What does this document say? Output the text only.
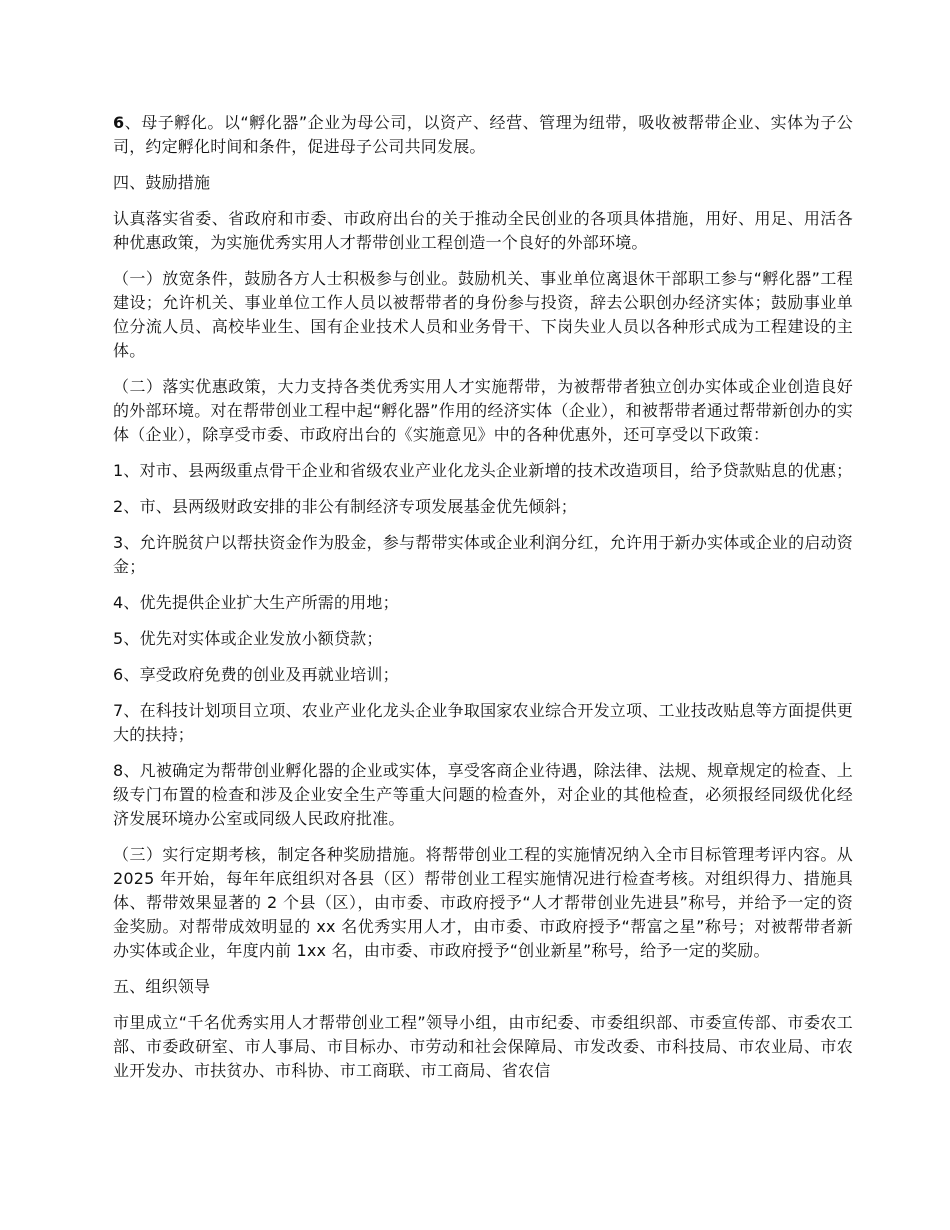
6、母子孵化。以“孵化器”企业为母公司，以资产、经营、管理为纽带，吸收被帮带企业、实体为子公司，约定孵化时间和条件，促进母子公司共同发展。

四、鼓励措施

认真落实省委、省政府和市委、市政府出台的关于推动全民创业的各项具体措施，用好、用足、用活各种优惠政策，为实施优秀实用人才帮带创业工程创造一个良好的外部环境。

（一）放宽条件，鼓励各方人士积极参与创业。鼓励机关、事业单位离退休干部职工参与“孵化器”工程建设；允许机关、事业单位工作人员以被帮带者的身份参与投资，辞去公职创办经济实体；鼓励事业单位分流人员、高校毕业生、国有企业技术人员和业务骨干、下岗失业人员以各种形式成为工程建设的主体。

（二）落实优惠政策，大力支持各类优秀实用人才实施帮带，为被帮带者独立创办实体或企业创造良好的外部环境。对在帮带创业工程中起“孵化器”作用的经济实体（企业），和被帮带者通过帮带新创办的实体（企业），除享受市委、市政府出台的《实施意见》中的各种优惠外，还可享受以下政策：

1、对市、县两级重点骨干企业和省级农业产业化龙头企业新增的技术改造项目，给予贷款贴息的优惠；

2、市、县两级财政安排的非公有制经济专项发展基金优先倾斜；

3、允许脱贫户以帮扶资金作为股金，参与帮带实体或企业利润分红，允许用于新办实体或企业的启动资金；

4、优先提供企业扩大生产所需的用地；

5、优先对实体或企业发放小额贷款；

6、享受政府免费的创业及再就业培训；

7、在科技计划项目立项、农业产业化龙头企业争取国家农业综合开发立项、工业技改贴息等方面提供更大的扶持；

8、凡被确定为帮带创业孵化器的企业或实体，享受客商企业待遇，除法律、法规、规章规定的检查、上级专门布置的检查和涉及企业安全生产等重大问题的检查外，对企业的其他检查，必须报经同级优化经济发展环境办公室或同级人民政府批准。

（三）实行定期考核，制定各种奖励措施。将帮带创业工程的实施情况纳入全市目标管理考评内容。从 2025 年开始，每年年底组织对各县（区）帮带创业工程实施情况进行检查考核。对组织得力、措施具体、帮带效果显著的 2 个县（区），由市委、市政府授予“人才帮带创业先进县”称号，并给予一定的资金奖励。对帮带成效明显的 xx 名优秀实用人才，由市委、市政府授予“帮富之星”称号；对被帮带者新办实体或企业，年度内前 1xx 名，由市委、市政府授予“创业新星”称号，给予一定的奖励。

五、组织领导

市里成立“千名优秀实用人才帮带创业工程”领导小组，由市纪委、市委组织部、市委宣传部、市委农工部、市委政研室、市人事局、市目标办、市劳动和社会保障局、市发改委、市科技局、市农业局、市农业开发办、市扶贫办、市科协、市工商联、市工商局、省农信
